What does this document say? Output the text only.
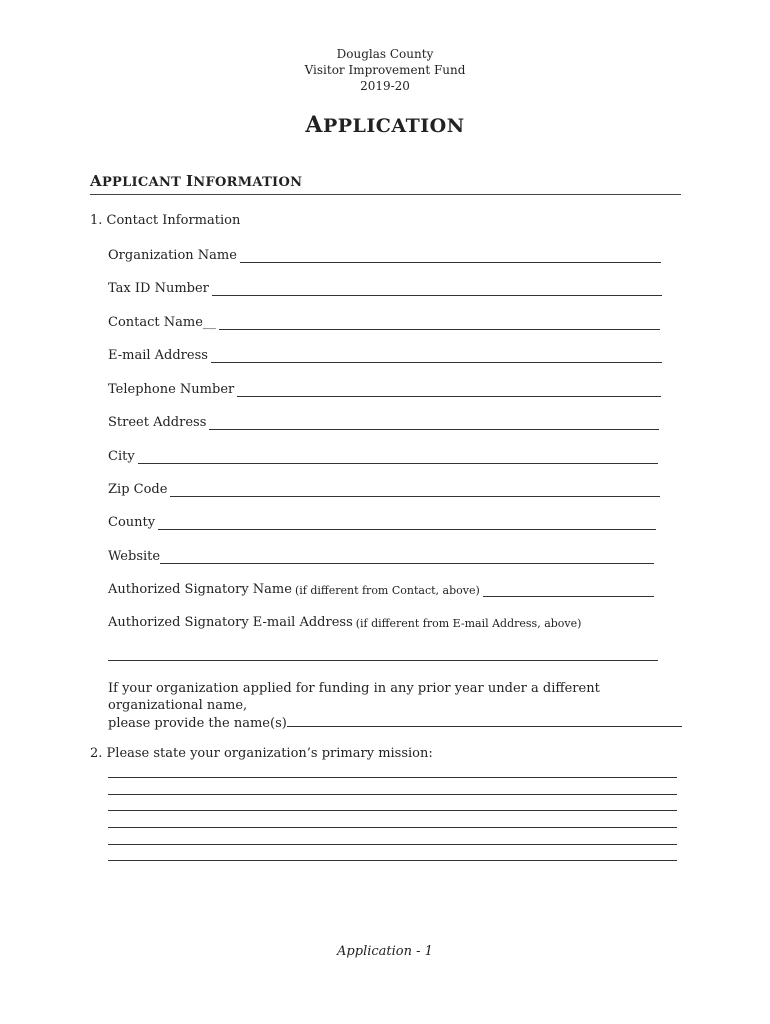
Douglas County
Visitor Improvement Fund
2019-20
APPLICATION
APPLICANT INFORMATION
1. Contact Information
Organization Name
Tax ID Number
Contact Name__
E-mail Address
Telephone Number
Street Address
City
Zip Code
County
Website
Authorized Signatory Name (if different from Contact, above)
Authorized Signatory E-mail Address (if different from E-mail Address, above)
If your organization applied for funding in any prior year under a different organizational name,
please provide the name(s)
2. Please state your organization’s primary mission:
Application - 1
